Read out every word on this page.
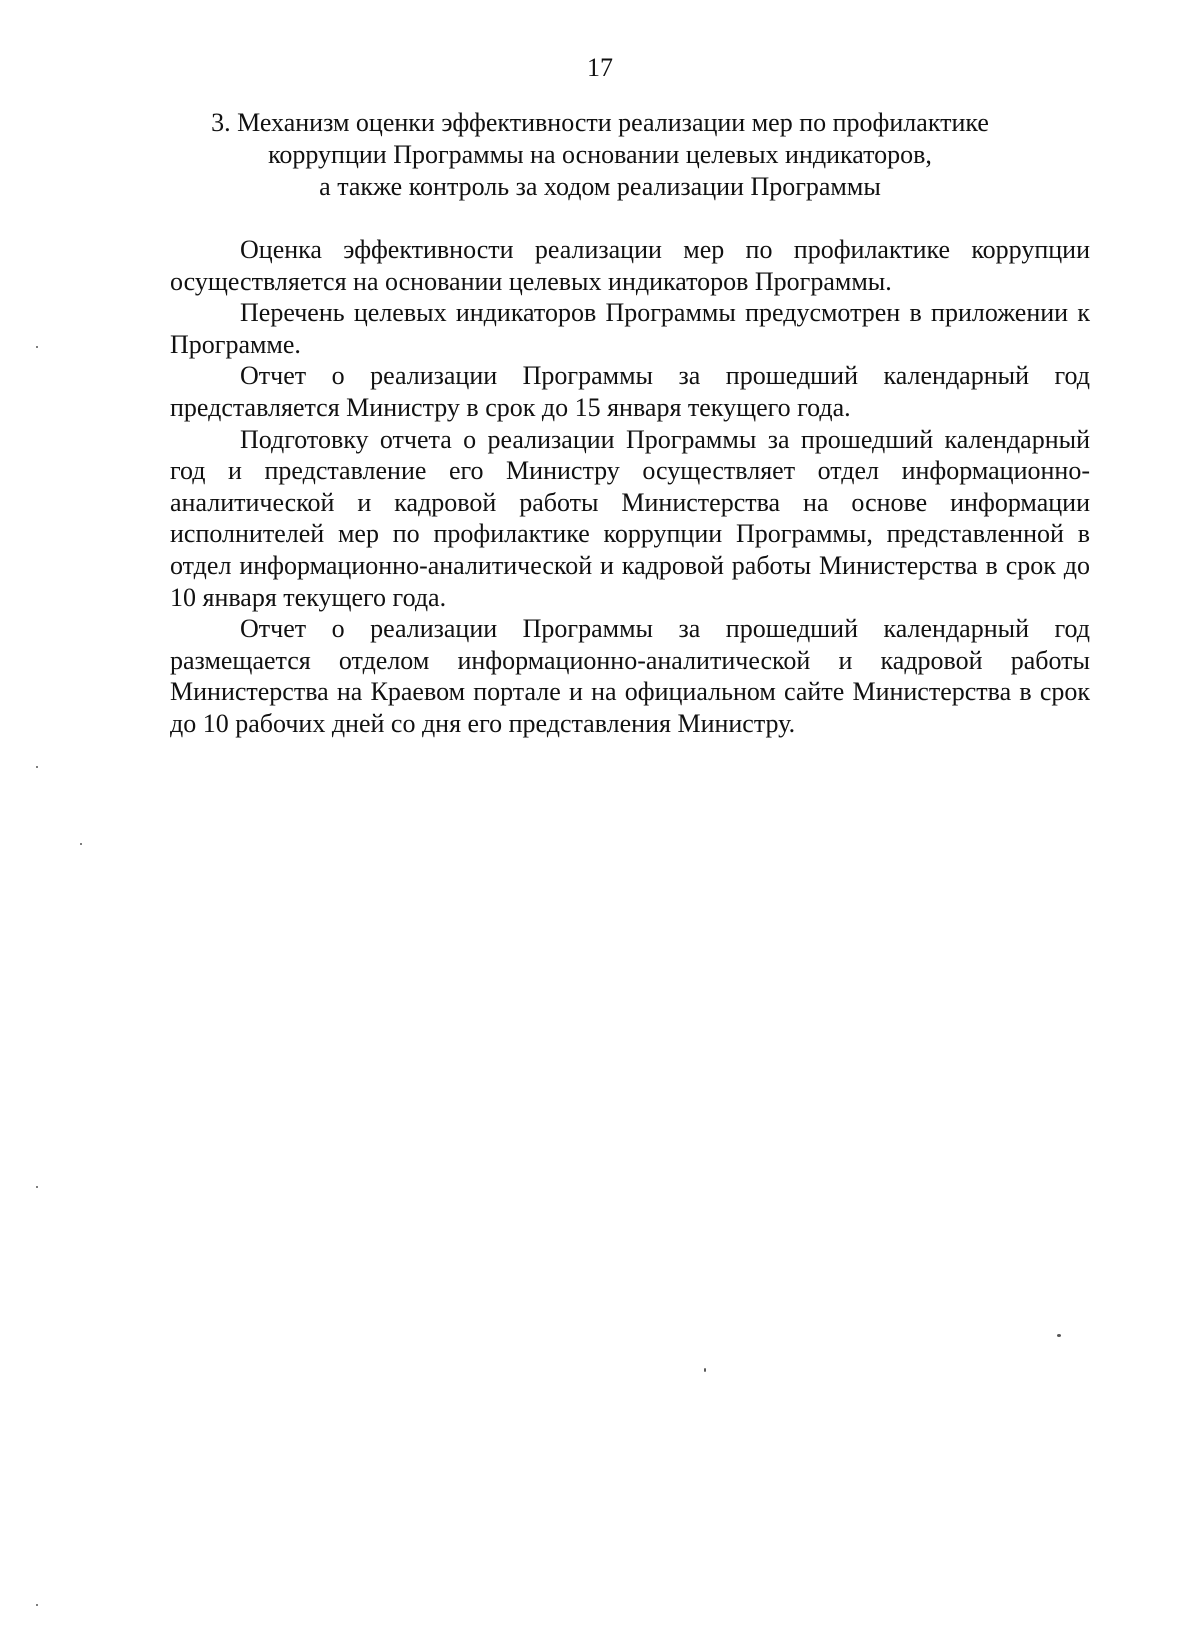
17
3. Механизм оценки эффективности реализации мер по профилактике
коррупции Программы на основании целевых индикаторов,
а также контроль за ходом реализации Программы

Оценка эффективности реализации мер по профилактике коррупции осуществляется на основании целевых индикаторов Программы.

Перечень целевых индикаторов Программы предусмотрен в приложении к Программе.

Отчет о реализации Программы за прошедший календарный год представляется Министру в срок до 15 января текущего года.

Подготовку отчета о реализации Программы за прошедший календарный год и представление его Министру осуществляет отдел информационно-аналитической и кадровой работы Министерства на основе информации исполнителей мер по профилактике коррупции Программы, представленной в отдел информационно-аналитической и кадровой работы Министерства в срок до 10 января текущего года.

Отчет о реализации Программы за прошедший календарный год размещается отделом информационно-аналитической и кадровой работы Министерства на Краевом портале и на официальном сайте Министерства в срок до 10 рабочих дней со дня его представления Министру.
